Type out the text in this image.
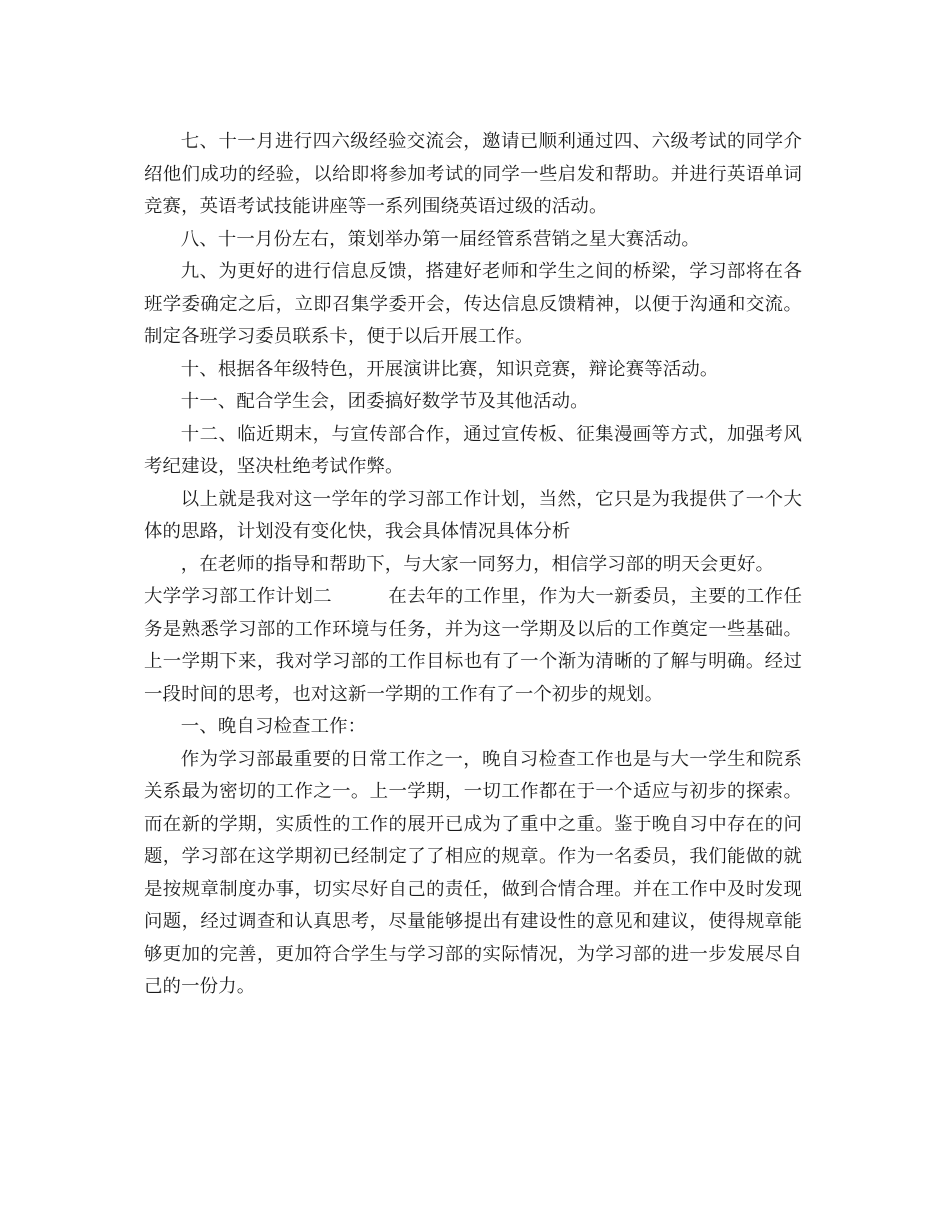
七、十一月进行四六级经验交流会，邀请已顺利通过四、六级考试的同学介绍他们成功的经验，以给即将参加考试的同学一些启发和帮助。并进行英语单词竞赛，英语考试技能讲座等一系列围绕英语过级的活动。

八、十一月份左右，策划举办第一届经管系营销之星大赛活动。

九、为更好的进行信息反馈，搭建好老师和学生之间的桥梁，学习部将在各班学委确定之后，立即召集学委开会，传达信息反馈精神，以便于沟通和交流。制定各班学习委员联系卡，便于以后开展工作。

十、根据各年级特色，开展演讲比赛，知识竞赛，辩论赛等活动。

十一、配合学生会，团委搞好数学节及其他活动。

十二、临近期末，与宣传部合作，通过宣传板、征集漫画等方式，加强考风考纪建设，坚决杜绝考试作弊。

以上就是我对这一学年的学习部工作计划，当然，它只是为我提供了一个大体的思路，计划没有变化快，我会具体情况具体分析

，在老师的指导和帮助下，与大家一同努力，相信学习部的明天会更好。

大学学习部工作计划二	在去年的工作里，作为大一新委员，主要的工作任务是熟悉学习部的工作环境与任务，并为这一学期及以后的工作奠定一些基础。上一学期下来，我对学习部的工作目标也有了一个渐为清晰的了解与明确。经过一段时间的思考，也对这新一学期的工作有了一个初步的规划。

一、晚自习检查工作：

作为学习部最重要的日常工作之一，晚自习检查工作也是与大一学生和院系关系最为密切的工作之一。上一学期，一切工作都在于一个适应与初步的探索。而在新的学期，实质性的工作的展开已成为了重中之重。鉴于晚自习中存在的问题，学习部在这学期初已经制定了了相应的规章。作为一名委员，我们能做的就是按规章制度办事，切实尽好自己的责任，做到合情合理。并在工作中及时发现问题，经过调查和认真思考，尽量能够提出有建设性的意见和建议，使得规章能够更加的完善，更加符合学生与学习部的实际情况，为学习部的进一步发展尽自己的一份力。
